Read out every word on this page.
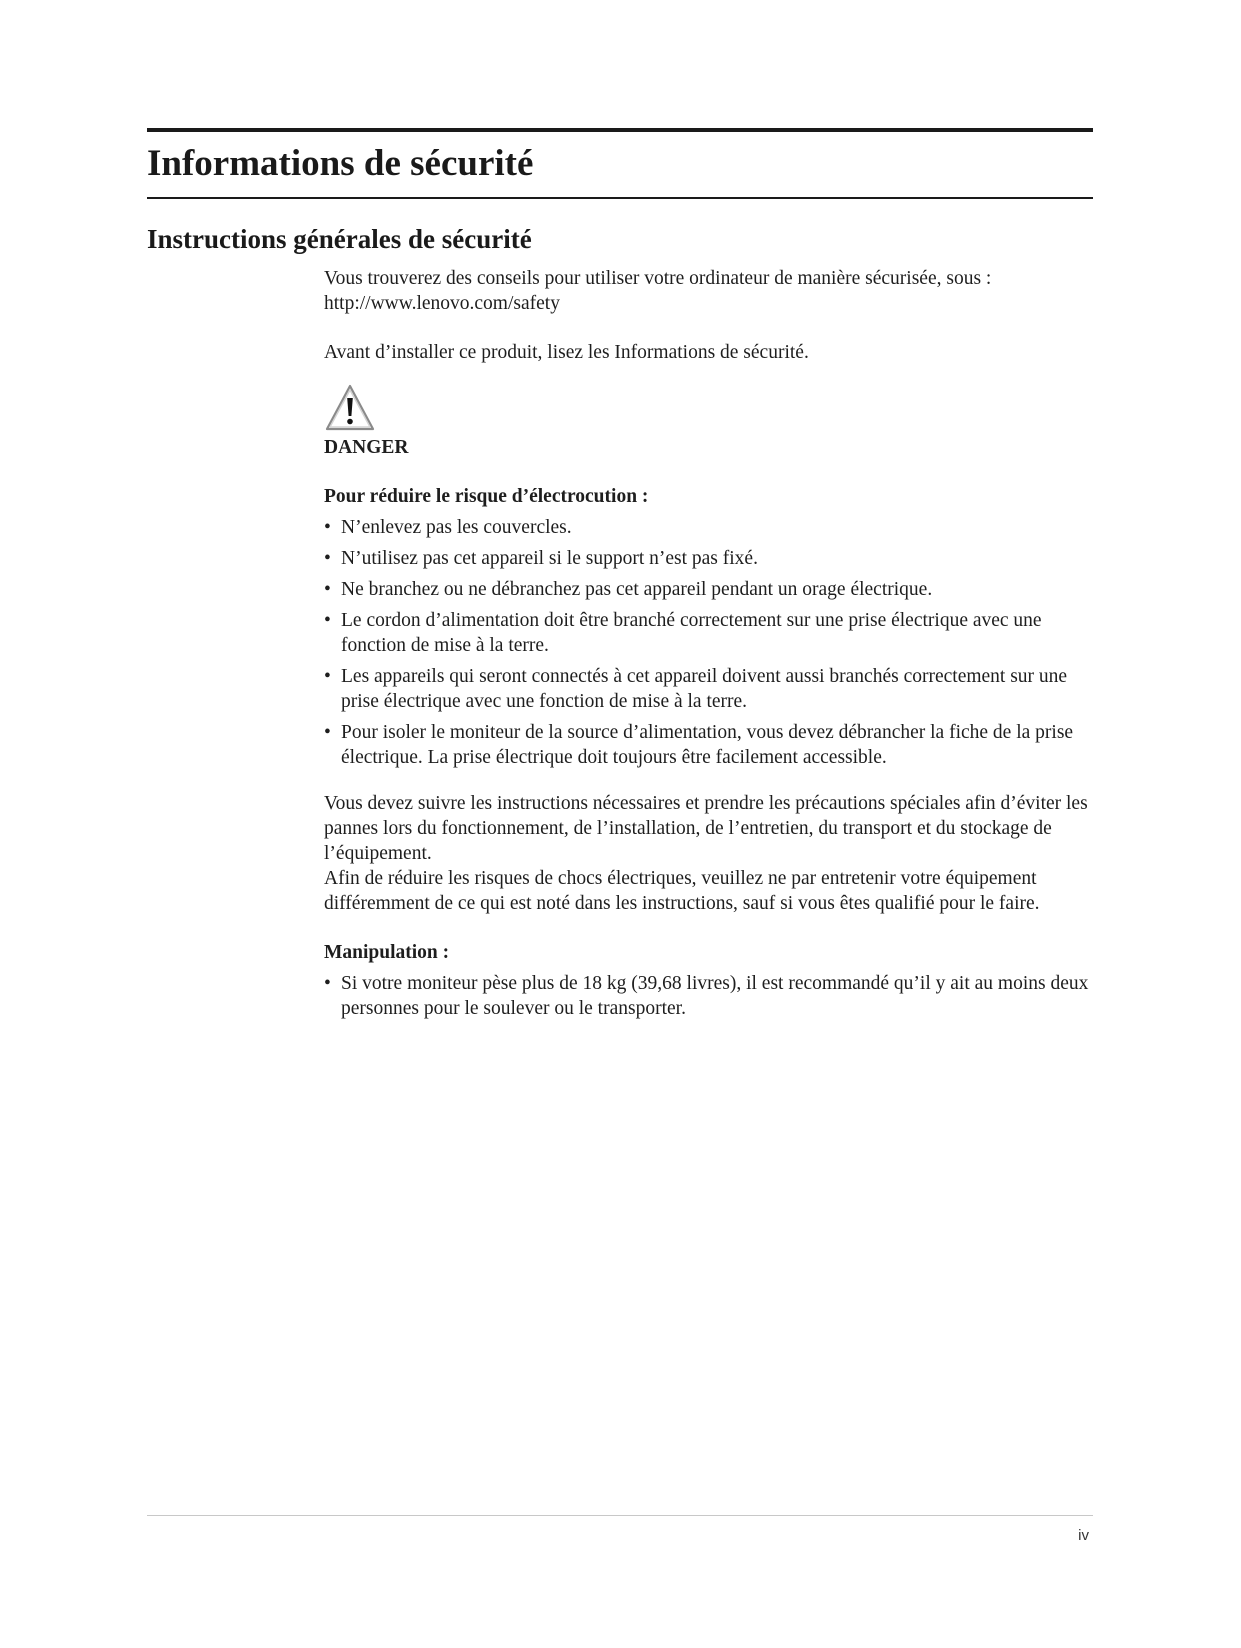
Informations de sécurité
Instructions générales de sécurité

Vous trouverez des conseils pour utiliser votre ordinateur de manière sécurisée, sous :

http://www.lenovo.com/safety

Avant d’installer ce produit, lisez les Informations de sécurité.

DANGER

Pour réduire le risque d’électrocution :

• N’enlevez pas les couvercles.
• N’utilisez pas cet appareil si le support n’est pas fixé.
• Ne branchez ou ne débranchez pas cet appareil pendant un orage électrique.
• Le cordon d’alimentation doit être branché correctement sur une prise électrique avec une fonction de mise à la terre.
• Les appareils qui seront connectés à cet appareil doivent aussi branchés correctement sur une prise électrique avec une fonction de mise à la terre.
• Pour isoler le moniteur de la source d’alimentation, vous devez débrancher la fiche de la prise électrique. La prise électrique doit toujours être facilement accessible.

Vous devez suivre les instructions nécessaires et prendre les précautions spéciales afin d’éviter les pannes lors du fonctionnement, de l’installation, de l’entretien, du transport et du stockage de l’équipement.

Afin de réduire les risques de chocs électriques, veuillez ne par entretenir votre équipement différemment de ce qui est noté dans les instructions, sauf si vous êtes qualifié pour le faire.

Manipulation :

• Si votre moniteur pèse plus de 18 kg (39,68 livres), il est recommandé qu’il y ait au moins deux personnes pour le soulever ou le transporter.
iv
